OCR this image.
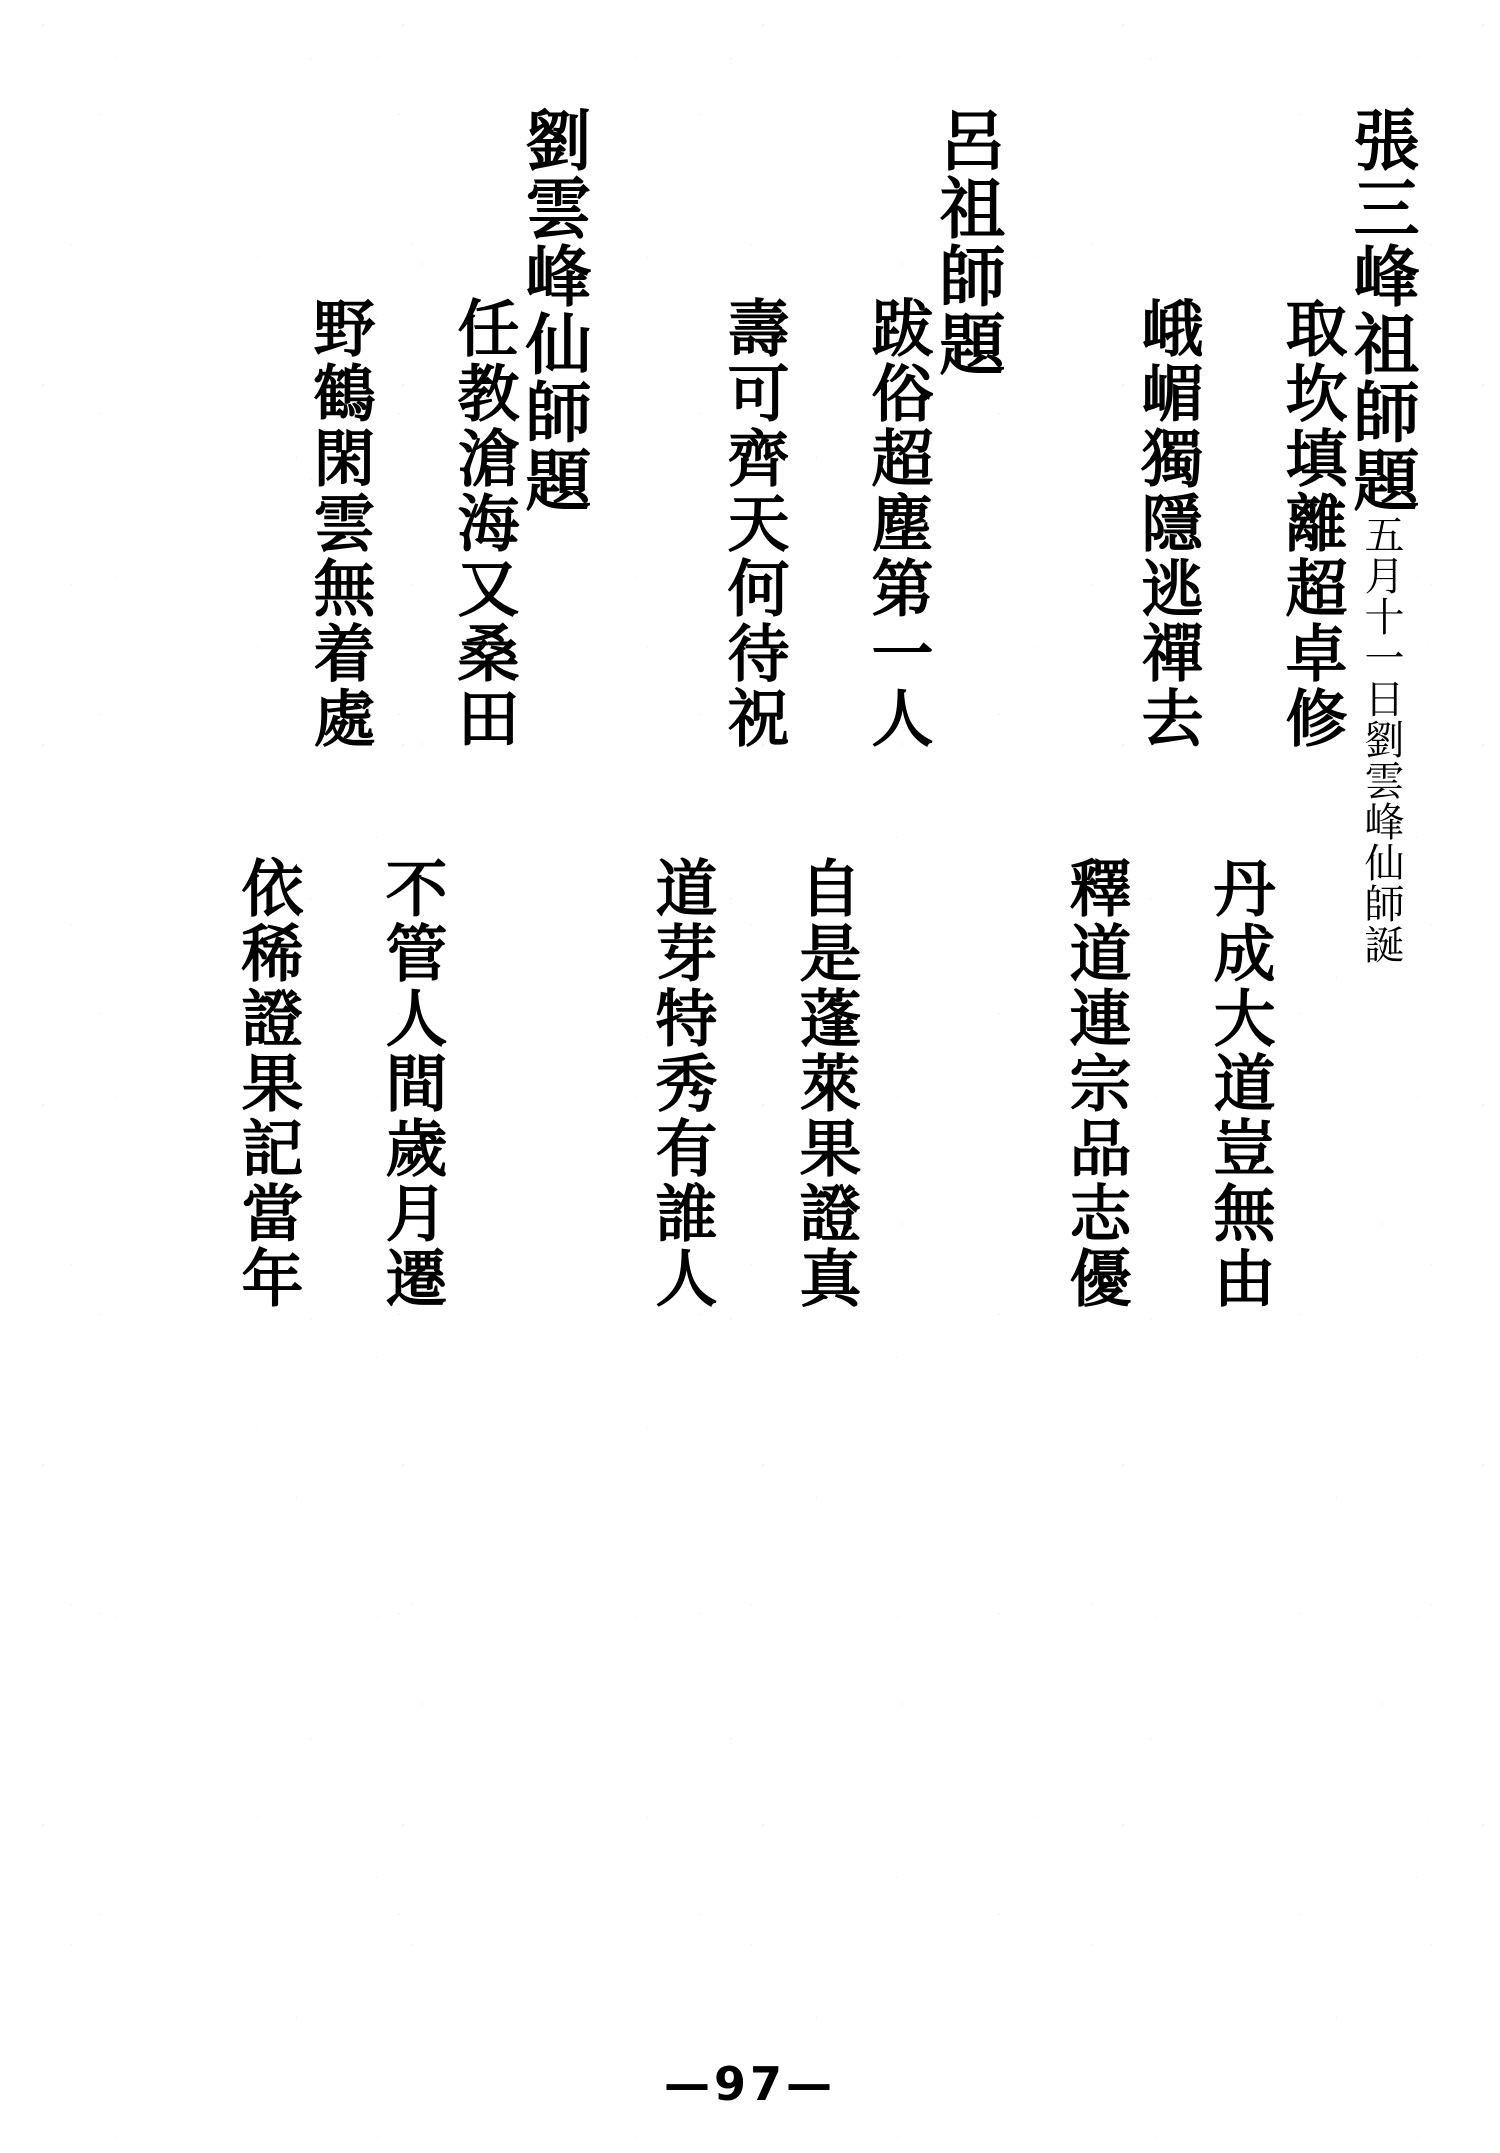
張三峰祖師題五月十一日劉雲峰仙師誕
取坎填離超卓修
丹成大道豈無由
峨嵋獨隱逃禪去
釋道連宗品志優
呂祖師題
跋俗超塵第一人
自是蓬萊果證真
壽可齊天何待祝
道芽特秀有誰人
劉雲峰仙師題
任教滄海又桑田
不管人間歲月遷
野鶴閑雲無着處
依稀證果記當年
—97—
